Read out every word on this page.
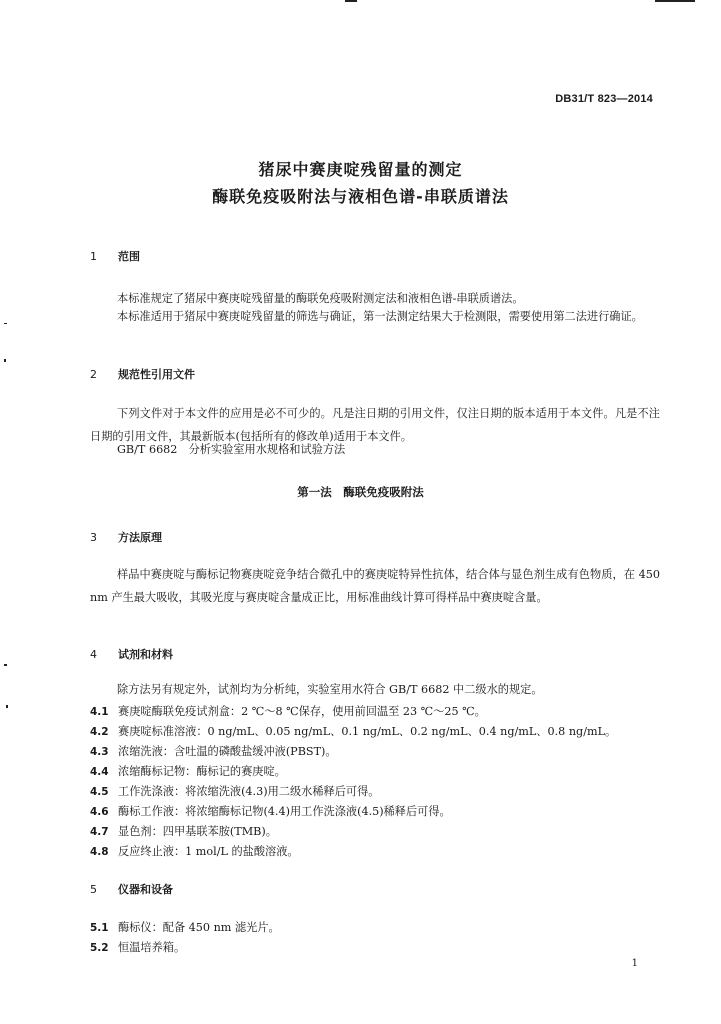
DB31/T 823—2014
猪尿中赛庚啶残留量的测定
酶联免疫吸附法与液相色谱-串联质谱法
1 范围
本标准规定了猪尿中赛庚啶残留量的酶联免疫吸附测定法和液相色谱-串联质谱法。
本标准适用于猪尿中赛庚啶残留量的筛选与确证，第一法测定结果大于检测限，需要使用第二法进行确证。
2 规范性引用文件
下列文件对于本文件的应用是必不可少的。凡是注日期的引用文件，仅注日期的版本适用于本文件。凡是不注日期的引用文件，其最新版本(包括所有的修改单)适用于本文件。
GB/T 6682　分析实验室用水规格和试验方法
第一法　酶联免疫吸附法
3 方法原理
样品中赛庚啶与酶标记物赛庚啶竞争结合微孔中的赛庚啶特异性抗体，结合体与显色剂生成有色物质，在 450 nm 产生最大吸收，其吸光度与赛庚啶含量成正比，用标准曲线计算可得样品中赛庚啶含量。
4 试剂和材料
除方法另有规定外，试剂均为分析纯，实验室用水符合 GB/T 6682 中二级水的规定。
4.1 赛庚啶酶联免疫试剂盒：2 ℃～8 ℃保存，使用前回温至 23 ℃～25 ℃。
4.2 赛庚啶标准溶液：0 ng/mL、0.05 ng/mL、0.1 ng/mL、0.2 ng/mL、0.4 ng/mL、0.8 ng/mL。
4.3 浓缩洗液：含吐温的磷酸盐缓冲液(PBST)。
4.4 浓缩酶标记物：酶标记的赛庚啶。
4.5 工作洗涤液：将浓缩洗液(4.3)用二级水稀释后可得。
4.6 酶标工作液：将浓缩酶标记物(4.4)用工作洗涤液(4.5)稀释后可得。
4.7 显色剂：四甲基联苯胺(TMB)。
4.8 反应终止液：1 mol/L 的盐酸溶液。
5 仪器和设备
5.1 酶标仪：配备 450 nm 滤光片。
5.2 恒温培养箱。
1
